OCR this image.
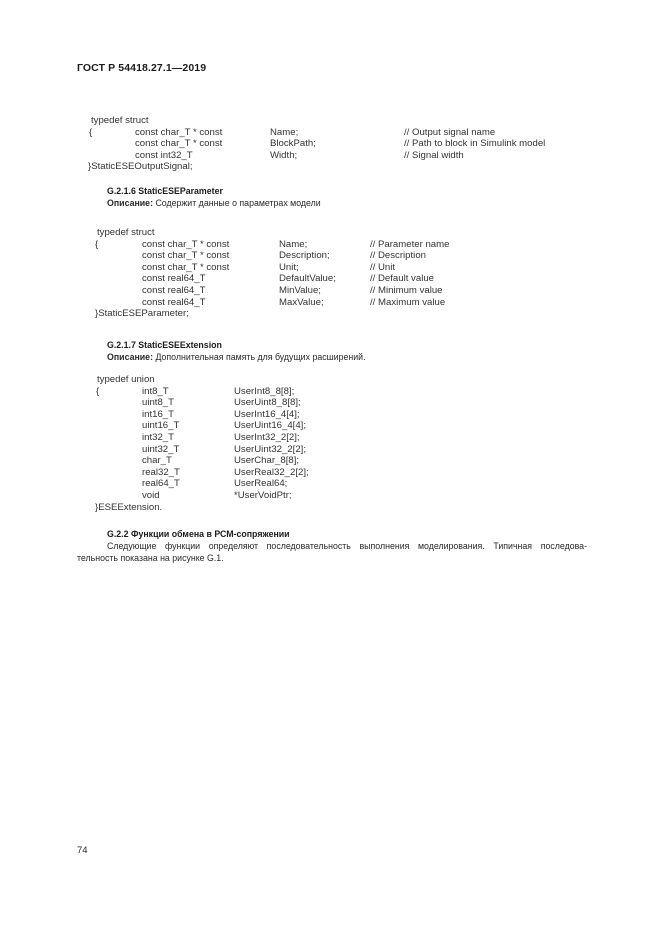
ГОСТ Р 54418.27.1—2019
typedef struct
{	const char_T * const	Name;	// Output signal name
const char_T * const	BlockPath;	// Path to block in Simulink model
const int32_T	Width;	// Signal width
}StaticESEOutputSignal;
G.2.1.6 StaticESEParameter
Описание: Содержит данные о параметрах модели
typedef struct
{	const char_T * const	Name;	// Parameter name
const char_T * const	Description;	// Description
const char_T * const	Unit;	// Unit
const real64_T	DefaultValue;	// Default value
const real64_T	MinValue;	// Minimum value
const real64_T	MaxValue;	// Maximum value
}StaticESEParameter;
G.2.1.7 StaticESEExtension
Описание: Дополнительная память для будущих расширений.
typedef union
{	int8_T	UserInt8_8[8];
uint8_T	UserUint8_8[8];
int16_T	UserInt16_4[4];
uint16_T	UserUint16_4[4];
int32_T	UserInt32_2[2];
uint32_T	UserUint32_2[2];
char_T	UserChar_8[8];
real32_T	UserReal32_2[2];
real64_T	UserReal64;
void	*UserVoidPtr;
}ESEExtension.
G.2.2 Функции обмена в РСМ-сопряжении
Следующие функции определяют последовательность выполнения моделирования. Типичная последова-
тельность показана на рисунке G.1.
74
